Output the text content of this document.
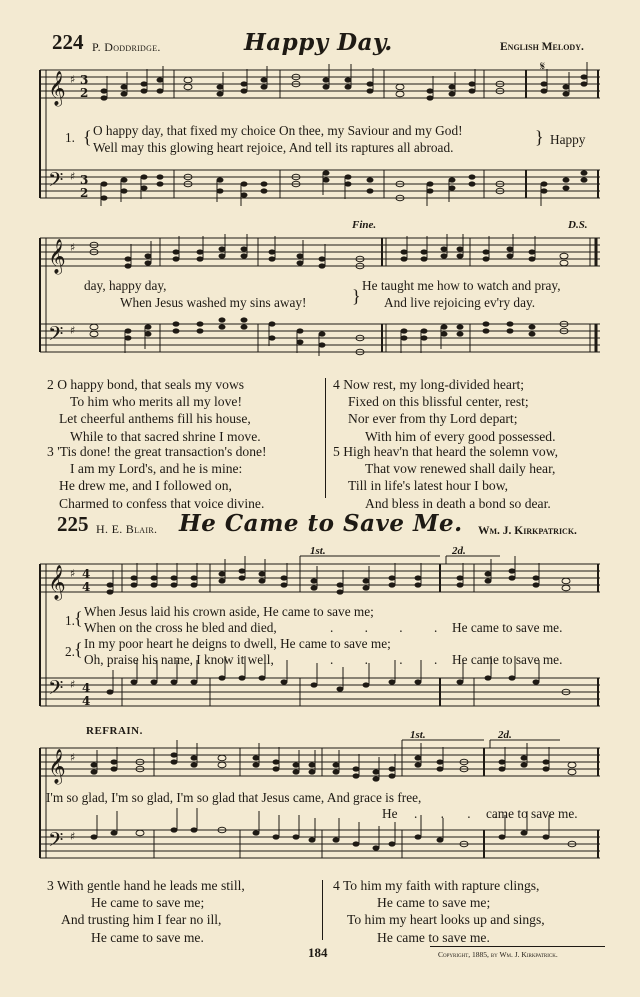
224 P. Doddridge.	Happy Day.	English Melody.
𝄞 ♯ 3
2
𝄢 ♯ 3
2
𝄋
1. { O happy day, that fixed my choice On thee, my Saviour and my God!
Well may this glowing heart rejoice, And tell its raptures all abroad.
} Happy
Fine.	D.S.
𝄞 ♯
𝄢 ♯
day, happy day,
When Jesus washed my sins away!	}
He taught me how to watch and pray,
And live rejoicing ev'ry day.
2 O happy bond, that seals my vows
To him who merits all my love!
Let cheerful anthems fill his house,
While to that sacred shrine I move.
3 'Tis done! the great transaction's done!
I am my Lord's, and he is mine:
He drew me, and I followed on,
Charmed to confess that voice divine.
4 Now rest, my long-divided heart;
Fixed on this blissful center, rest;
Nor ever from thy Lord depart;
With him of every good possessed.
5 High heav'n that heard the solemn vow,
That vow renewed shall daily hear,
Till in life's latest hour I bow,
And bless in death a bond so dear.
225 H. E. Blair. He Came to Save Me. Wm. J. Kirkpatrick.
1st.	2d.
𝄞 ♯ 4
4
𝄢 ♯ 4
4
1. { When Jesus laid his crown aside, He came to save me;
When on the cross he bled and died,	. . . . He came to save me.
2. { In my poor heart he deigns to dwell, He came to save me;
Oh, praise his name, I know it well,	. . . . He came to save me.
REFRAIN.	1st.	2d.
𝄞 ♯
𝄢 ♯
I'm so glad, I'm so glad, I'm so glad that Jesus came, And grace is free,
He . . . .
came to save me.
3 With gentle hand he leads me still,
He came to save me;
And trusting him I fear no ill,
He came to save me.
4 To him my faith with rapture clings,
He came to save me;
To him my heart looks up and sings,
He came to save me.
184	Copyright, 1885, by Wm. J. Kirkpatrick.
